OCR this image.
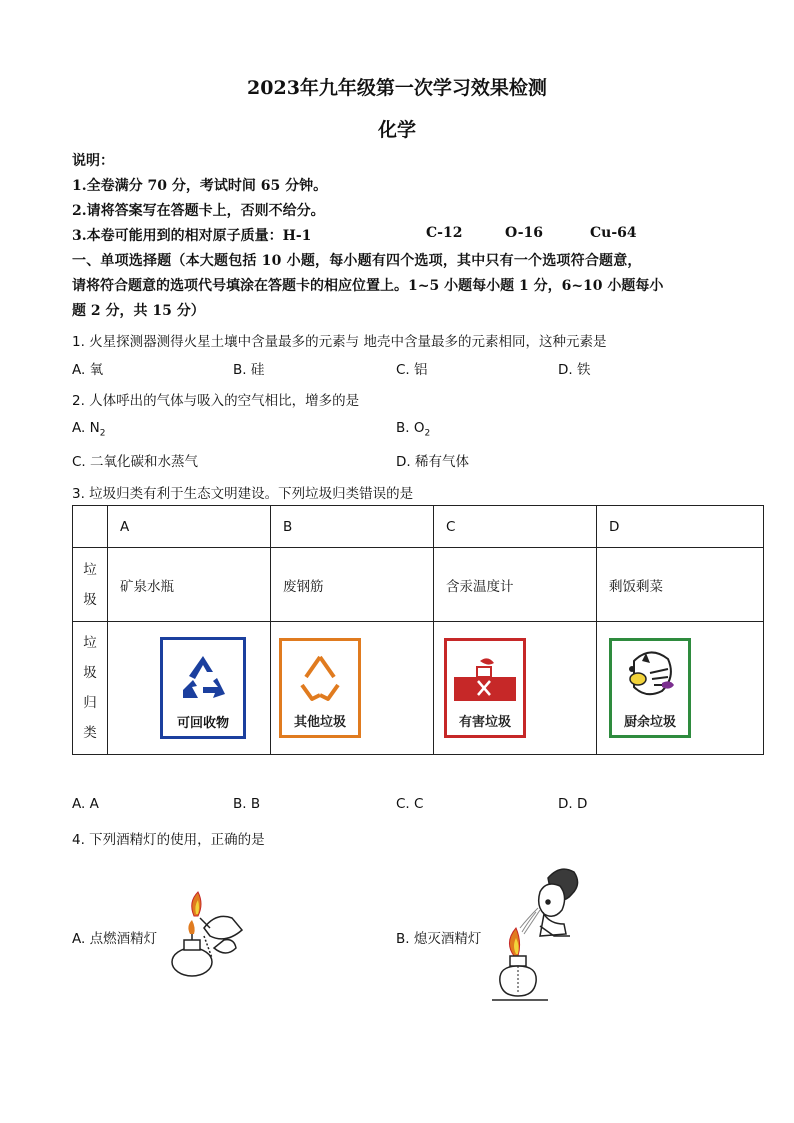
2023年九年级第一次学习效果检测
化学
说明：
1.全卷满分 70 分，考试时间 65 分钟。
2.请将答案写在答题卡上，否则不给分。
3.本卷可能用到的相对原子质量：H-1	C-12	O-16	Cu-64
一、单项选择题（本大题包括 10 小题，每小题有四个选项，其中只有一个选项符合题意，
请将符合题意的选项代号填涂在答题卡的相应位置上。1~5 小题每小题 1 分，6~10 小题每小
题 2 分，共 15 分）
1. 火星探测器测得火星土壤中含量最多的元素与 地壳中含量最多的元素相同，这种元素是
A. 氧	B. 硅	C. 铝	D. 铁
2. 人体呼出的气体与吸入的空气相比，增多的是
A. $N_2$	B. $O_2$
C. 二氧化碳和水蒸气	D. 稀有气体
3. 垃圾归类有利于生态文明建设。下列垃圾归类错误的是
	A	B	C	D

垃
圾	矿泉水瓶	废钢筋	含汞温度计	剩饭剩菜

垃
圾
归
类	可回收物	其他垃圾	有害垃圾	厨余垃圾
A. A	B. B	C. C	D. D
4. 下列酒精灯的使用，正确的是
A. 点燃酒精灯	B. 熄灭酒精灯
